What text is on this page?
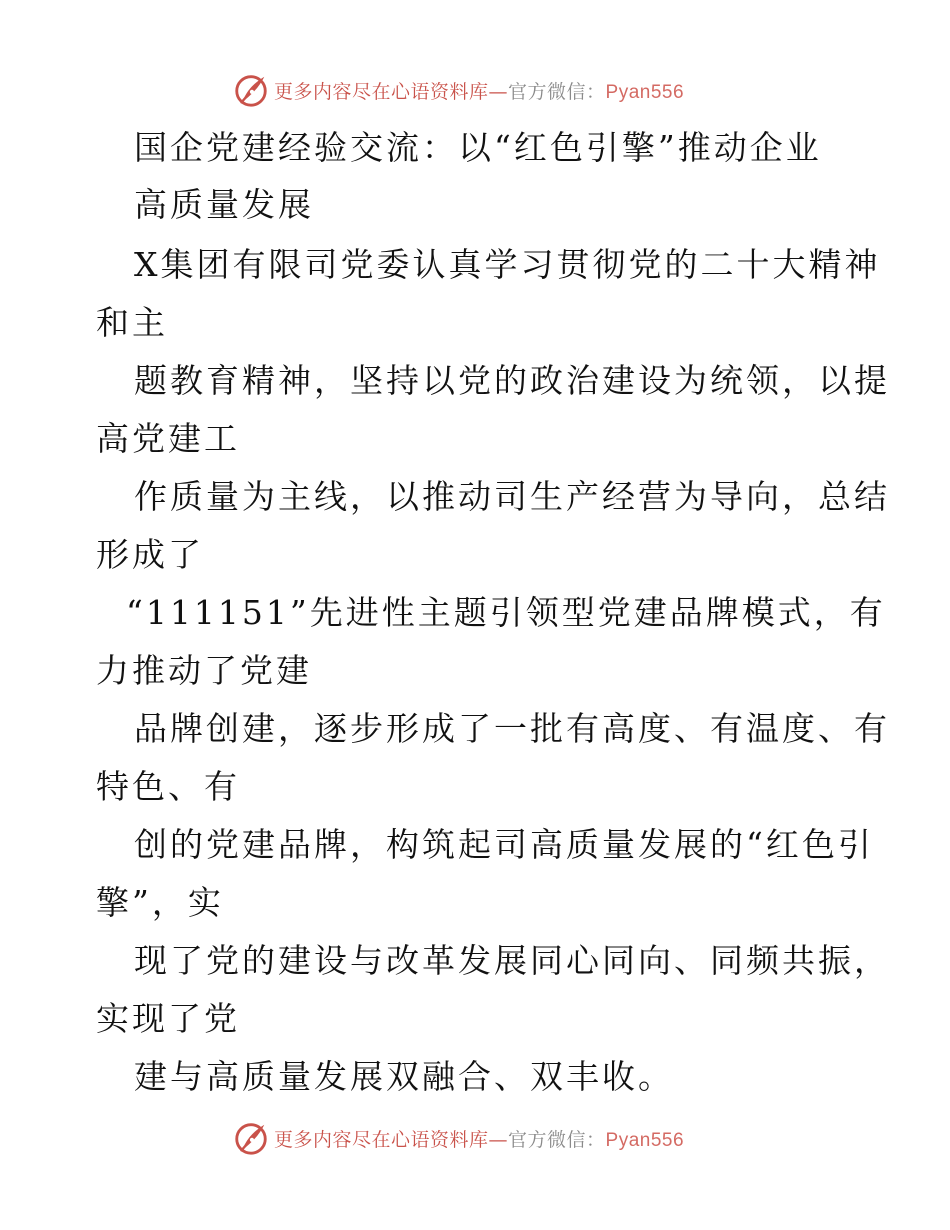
更多内容尽在心语资料库—官方微信：Pyan556
国企党建经验交流：以“红色引擎”推动企业
高质量发展
X集团有限司党委认真学习贯彻党的二十大精神
和主
题教育精神，坚持以党的政治建设为统领，以提
高党建工
作质量为主线，以推动司生产经营为导向，总结
形成了
“111151”先进性主题引领型党建品牌模式，有
力推动了党建
品牌创建，逐步形成了一批有高度、有温度、有
特色、有
创的党建品牌，构筑起司高质量发展的“红色引
擎”，实
现了党的建设与改革发展同心同向、同频共振，
实现了党
建与高质量发展双融合、双丰收。
更多内容尽在心语资料库—官方微信：Pyan556
